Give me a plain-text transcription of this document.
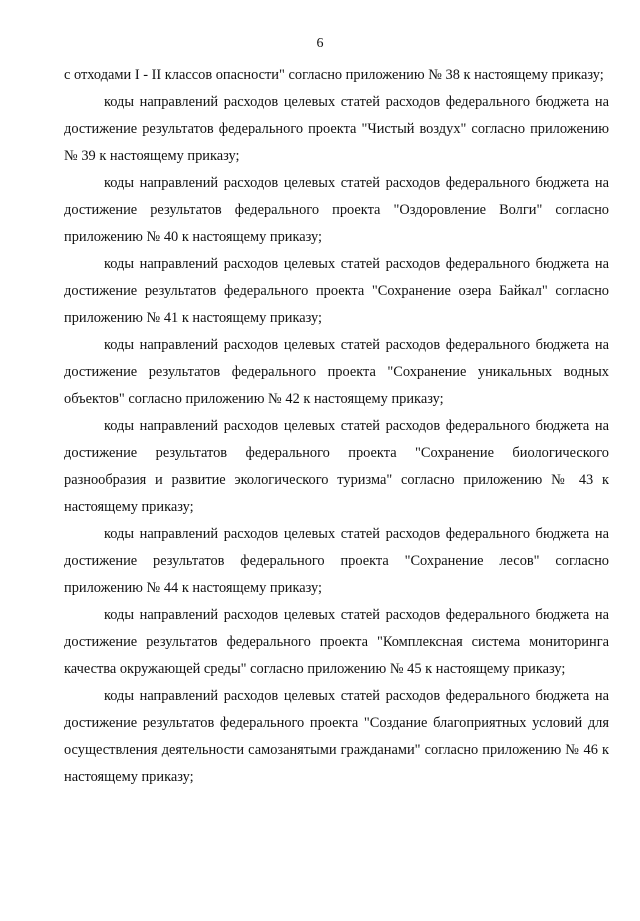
6

с отходами I - II классов опасности" согласно приложению № 38 к настоящему приказу;

коды направлений расходов целевых статей расходов федерального бюджета на достижение результатов федерального проекта "Чистый воздух" согласно приложению № 39 к настоящему приказу;

коды направлений расходов целевых статей расходов федерального бюджета на достижение результатов федерального проекта "Оздоровление Волги" согласно приложению № 40 к настоящему приказу;

коды направлений расходов целевых статей расходов федерального бюджета на достижение результатов федерального проекта "Сохранение озера Байкал" согласно приложению № 41 к настоящему приказу;

коды направлений расходов целевых статей расходов федерального бюджета на достижение результатов федерального проекта "Сохранение уникальных водных объектов" согласно приложению № 42 к настоящему приказу;

коды направлений расходов целевых статей расходов федерального бюджета на достижение результатов федерального проекта "Сохранение биологического разнообразия и развитие экологического туризма" согласно приложению № 43 к настоящему приказу;

коды направлений расходов целевых статей расходов федерального бюджета на достижение результатов федерального проекта "Сохранение лесов" согласно приложению № 44 к настоящему приказу;

коды направлений расходов целевых статей расходов федерального бюджета на достижение результатов федерального проекта "Комплексная система мониторинга качества окружающей среды" согласно приложению № 45 к настоящему приказу;

коды направлений расходов целевых статей расходов федерального бюджета на достижение результатов федерального проекта "Создание благоприятных условий для осуществления деятельности самозанятыми гражданами" согласно приложению № 46 к настоящему приказу;
